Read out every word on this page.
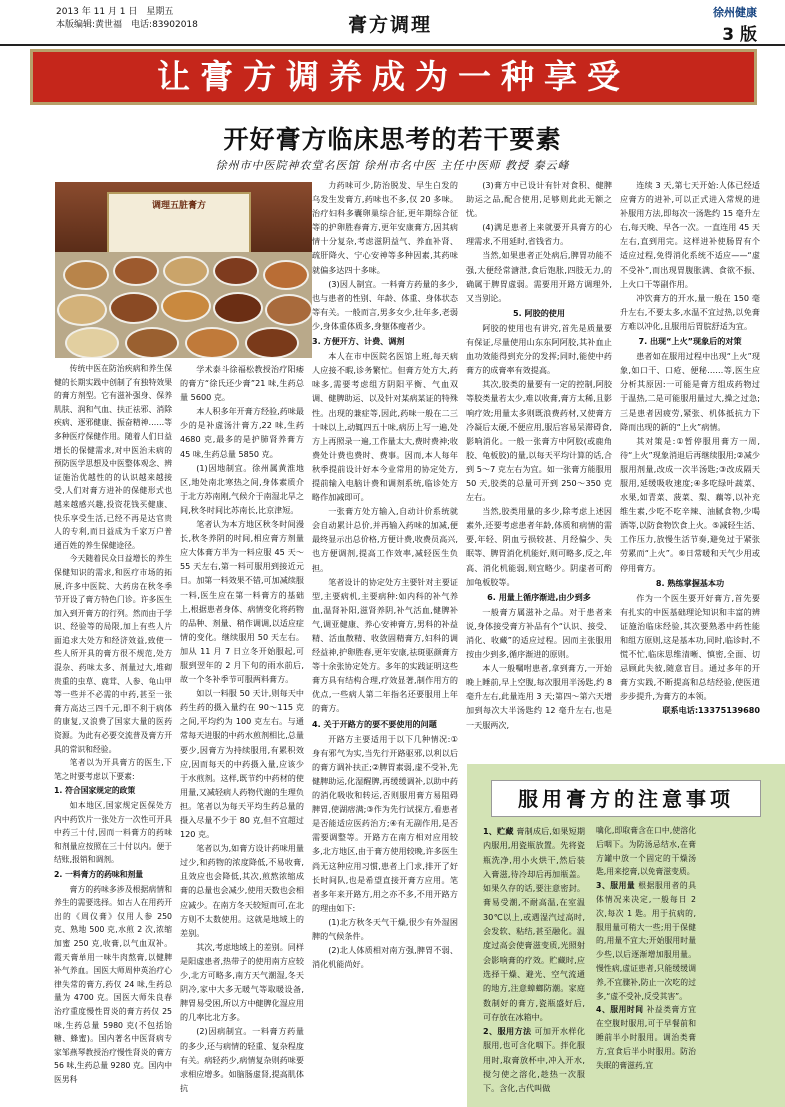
2013 年 11 月 1 日　星期五
本版编辑:黄世福　电话:83902018	膏方调理
徐州健康
3 版
让膏方调养成为一种享受
开好膏方临床思考的若干要素
徐州市中医院神农堂名医馆 徐州市名中医 主任中医师 教授 秦云峰
调理五脏膏方

传统中医在防治疾病和养生保健的长期实践中创制了有独特效果的膏方剂型。它有滋补强身、保养肌肤、润和气血、扶正祛邪、消除疾病、逐邪健康、振奋精神……等多种医疗保健作用。随着人们日益增长的保健需求,对中医治未病的预防医学思想及中医整体观念、辨证施治优越性的的认识越来越接受,人们对膏方进补的保健形式也越来越感兴趣,投资花钱买健康、快乐享受生活,已经不再是达官贵人的专利,而日益成为千家万户普通百姓的养生保健途径。

今天随着民众日益增长的养生保健知识的需求,和医疗市场的拓展,许多中医院、大药房在秋冬季节开设了膏方特色门诊。许多医生加入到开膏方的行列。然而由于学识、经验等的局限,加上有些人片面追求大处方和经济效益,致使一些人所开具的膏方很不规范,处方混杂、药味太多、剂量过大,堆砌贵重的虫草、鹿茸、人参、龟山甲等一些并不必需的中药,甚至一张膏方高达三四千元,即不利于病体的康复,又浪费了国家大量的医药资源。为此有必要交流普及膏方开具的常识和经验。

笔者以为开具膏方的医生,下笔之时要考虑以下要素:

1. 符合国家规定的政策

如本地区,国家规定医保处方内中药饮片一张处方一次性可开具中药三十付,因而一料膏方的药味和剂量应按照在三十付以内。便于结账,报销和调剂。

2. 一料膏方的药味和剂量

膏方的药味多涉及根据病情和养生的需要选择。如古人在用药开出的《周仪膏》仅用人参 250 克、熟地 500 克,水煎 2 次,浓缩加蜜 250 克,收膏,以气血双补。霞天膏单用一味牛肉熬膏,以健脾补气养血。国医大师周仲英治疗心律失常的膏方,药仅 24 味,生药总量为 4700 克。国医大师朱良春治疗重度慢性胃炎的膏方药仅 25 味,生药总量 5980 克(不包括饴糖、蜂蜜)。国内著名中医肾病专家邹燕琴教授治疗慢性肾炎的膏方 56 味,生药总量 9280 克。国内中医男科

学术泰斗徐福松教授治疗阳痿的膏方“徐氏还少膏”21 味,生药总量 5600 克。

本人积多年开膏方经验,药味最少的是补虚汤汁膏方,22 味,生药 4680 克,最多的是护肺肾养膏方 45 味,生药总量 5850 克。

(1)因地制宜。徐州属黄淮地区,地处南北寒热之间,身体素质介于北方苏南刚,气候介于南湿北旱之间,秋冬时间比苏南长,比京津短。

笔者认为本方地区秋冬时间漫长,秋冬养阴的时间,相应膏方剂量应大体膏方半为一料应服 45 天～55 天左右,第一料可服用到接近元日。加第一料效果不错,可加减续服一料,医生应在第一料膏方的基础上,根据患者身体、病情变化将药物的品种、剂量、稍作调调,以适应症情的变化。继续服用 50 天左右。加从 11 月 7 日立冬开始服起,可服到翌年的 2 月下旬的雨水前后,故一个冬补季节可服两料膏方。

如以一料服 50 天计,则每天中药生药的摄入量约在 90～115 克之间,平均约为 100 克左右。与通常每天进服的中药水煎剂相比,总量要少,因膏方为持续服用,有累积效应,因而每天的中药摄入量,应该少于水煎剂。这样,既节约中药材的使用量,又减轻病人药物代谢的生理负担。笔者以为每天平均生药总量的摄入尽量不少于 80 克,但不宜超过 120 克。

笔者以为,如膏方设计药味用量过少,和药物的浓度降低,不易收膏,且效应也会降低,其次,煎熬浓缩成膏的总量也会减少,使用天数也会相应减少。在南方冬天较短而可,在北方则不太数使用。这就是地域上的差别。

其次,考虑地域上的差别。同样是阳虚患者,热带子的使用南方应较少,北方可略多,南方天气潮湿,冬天阴冷,家中大多无暖气等取暖设备,脾胃易受困,所以方中健脾化湿应用的几率比北方多。

(2)因病制宜。一料膏方药量的多少,还与病情的轻重、复杂程度有关。病轻药少,病情复杂则药味要求相应增多。如脑肠虚肾,提高肌体抗

力药味可少,防治脱发、早生白发的乌发生发膏方,药味也不多,仅 20 多味。治疗妇科多囊卵巢综合征,更年期综合征等的护卵胜春膏方,更年安康膏方,因其病情十分复杂,考虑滋阴益气、养血补肾、疏肝降火、宁心安神等多种因素,其药味就偏多达四十多味。

(3)因人制宜。一料膏方药量的多少,也与患者的性别、年龄、体重、身体状态等有关。一般而言,男多女少,壮年多,老弱少,身体重体质多,身躯体瘦者少。

3. 方便开方、计费、调剂

本人在市中医院名医馆上班,每天病人应接不暇,诊务繁忙。但膏方处方大,药味多,需要考虑组方阴阳平衡、气血双调、健脾助运、以及针对某病某证的特殊性。出现的兼症等,因此,药味一般在二三十味以上,动辄四五十味,病历上写一遍,处方上再照录一遍,工作量太大,费时费神;收费处计费也费时、费事。因而,本人每年秋季提前设计好本今业常用的协定处方,提前输入电脑计费和调剂系统,临诊处方略作加减即可。

一张膏方处方输入,自动计价系统就会自动累计总价,并再输入药味的加减,便最终显示出总价格,方便计费,收费员高兴,也方便调剂,提高工作效率,减轻医生负担。

笔者设计的协定处方主要针对主要证型,主要病机,主要病种:如内科的补气养血,温肾补阳,滋肾养阴,补气活血,健脾补气,调亚健康、养心安神膏方,男科的补益精、活血散精、收敛固精膏方,妇科的调经益神,护卵胜春,更年安康,祛斑驱颜膏方等十余张协定处方。多年的实践证明这些膏方具有结构合理,疗效显著,制作用方的优点,一些病人第二年指名还要服用上年的膏方。

4. 关于开路方的要不要使用的问题

开路方主要适用于以下几种情况:①身有邪气为实,当先行开路驱邪,以利以后的膏方调补扶正;②脾胃素弱,虚不受补,先健脾助运,化湿醒脾,再缓缓调补,以助中药的消化吸收和转运,否则服用膏方易阻碍脾胃,使湖痞满;③作为先行试探方,看患者是否能适应医药治方;④有无副作用,是否需要调整等。开路方在南方相对应用较多,北方地区,由于膏方使用较晚,许多医生尚无这种应用习惯,患者上门求,排开了好长时间队,也是希望直接开膏方应用。笔者多年来开路方,用之亦不多,不用开路方的理由如下:

(1)北方秋冬天气干燥,很少有外湿困脾的气候条件。

(2)北人体质相对南方强,脾胃不弱、消化机能尚好。

(3)膏方中已设计有针对食积、健脾助运之品,配合使用,足够则此此无额之忧。

(4)满足患者上来就要开具膏方的心理需求,不用延时,省钱省力。

当然,如果患者正处病后,脾胃功能不强,大便经常溏泄,食后饱胀,四肢无力,的确属于脾胃虚弱。需要用开路方调理外,又当别论。

5. 阿胶的使用

阿胶的使用也有讲究,首先是质量要有保证,尽量使用山东东阿阿胶,其补血止血功效能得到充分的发挥;同时,能使中药膏方的成膏率有效提高。

其次,胶类的量要有一定的控制,阿胶等胶类量若太少,难以收膏,膏方太稀,且影响疗效;用量太多则既浪费药材,又使膏方冷凝后太硬,不便应用,服后容易呆滞碍食,影响消化。一般一张膏方中阿胶(或鹿角胶、龟板胶)的量,以每天平均计算的话,合到 5～7 克左右为宜。如一张膏方能服用 50 天,胶类的总量可开到 250～350 克左右。

当然,胶类用量的多少,除考虑上述因素外,还要考虑患者年龄,体质和病情的需要,年轻、阴血亏损较甚、月经偏少、失眠等、脾胃消化机能好,则可略多,反之,年高、消化机能弱,则宜略少。阴虚者可酌加龟板胶等。

6. 用量上循序渐进,由少到多

一般膏方属滋补之品。对于患者来说,身体接受膏方补品有个“认识、接受、消化、收藏”的适应过程。因而主张服用按由少到多,循序渐进的原则。

本人一般嘱咐患者,拿到膏方,一开始晚上睡前,早上空腹,每次服用半汤匙,约 8 毫升左右,此量连用 3 天;第四～第六天增加到每次大半汤匙约 12 毫升左右,也是一天服两次,

连续 3 天,第七天开始:人体已经适应膏方的进补,可以正式进入常规的进补服用方法,即每次一汤匙约 15 毫升左右,每天晚、早各一次。一直连用 45 天左右,直到用完。这样进补使肠胃有个适应过程,免得消化系统不适应——“虚不受补”,而出现胃腹胀满、食欲不振、上火口干等副作用。

冲饮膏方的开水,量一般在 150 毫升左右,不要太多,水温不宜过热,以免膏方难以冲化,且服用后胃脘舒适为宜。

7. 出现“上火”现象后的对策

患者如在服用过程中出现“上火”现象,如口干、口疮、便秘……等,医生应分析其原因:一可能是膏方组成药物过于温热,二是可能服用量过大,操之过急;三是患者因疲劳,紧张、机体抵抗力下降而出现的新的“上火”病情。

其对策是:①暂停服用膏方一周,待“上火”现象消退后再继续服用;②减少服用剂量,改成一次半汤匙;③改成隔天服用,延缓吸收速度;④多吃绿叶蔬菜、水果,如青菜、菠菜、梨、藕等,以补充维生素,少吃不吃辛辣、油腻食物,少喝酒等,以防食物饮食上火。⑤减轻生活、工作压力,放慢生活节奏,避免过于紧张劳累而“上火”。⑥日常暖和天气少用或停用膏方。

8. 熟练掌握基本功

作为一个医生要开好膏方,首先要有扎实的中医基础理论知识和丰富的辨证施治临床经验,其次要熟悉中药性能和组方原则,这是基本功,同时,临诊时,不慌不忙,临床思维清晰、慎密,全面、切忌顾此失彼,随意盲目。通过多年的开膏方实践,不断提高和总结经验,使医道步步提升,为膏方的本领。

联系电话:13375139680

服用膏方的注意事项

1、贮藏 膏制成后,如果短期内服用,用瓷瓶放置。先将瓷瓶洗净,用小火烘干,然后装入膏滋,待冷却后再加瓶盖。如果久存的话,要注意密封。膏易受潮,不耐高温,在室温 30℃以上,或遇湿汽过高时,会发软、粘结,甚至融化。温度过高会使膏滋变质,光照射会影响膏的疗效。贮藏时,应选择干燥、避光、空气流通的地方,注意蟑螂防潮。家庭数制好的膏方,瓷瓶盛好后,可存放在冰箱中。

2、服用方法 可加开水样化服用,也可含化咽下。拌化服用时,取膏放杯中,冲入开水,搅匀使之溶化,趁热一次服下。含化,古代叫做

噙化,即取膏含在口中,使溶化后咽下。为防汤忌结水,在膏方罐中放一个固定的干燥汤匙,用来挖膏,以免膏滋变质。

3、服用量 根据服用者的具体情况来决定,一般每日 2 次,每次 1 匙。用于抗病的,服用量可稍大一些;用于保健的,用量不宜大;开始服用时量少些,以后逐渐增加服用量。慢性病,虚证患者,只能缓缓调养,不宜骤补,防止一次吃的过多,“虚不受补,反受其害”。

4、服用时间 补益类膏方宜在空腹时服用,可于早餐前和睡前半小时服用。调治类膏方,宜食后半小时服用。防治失眠的膏滋药,宜
